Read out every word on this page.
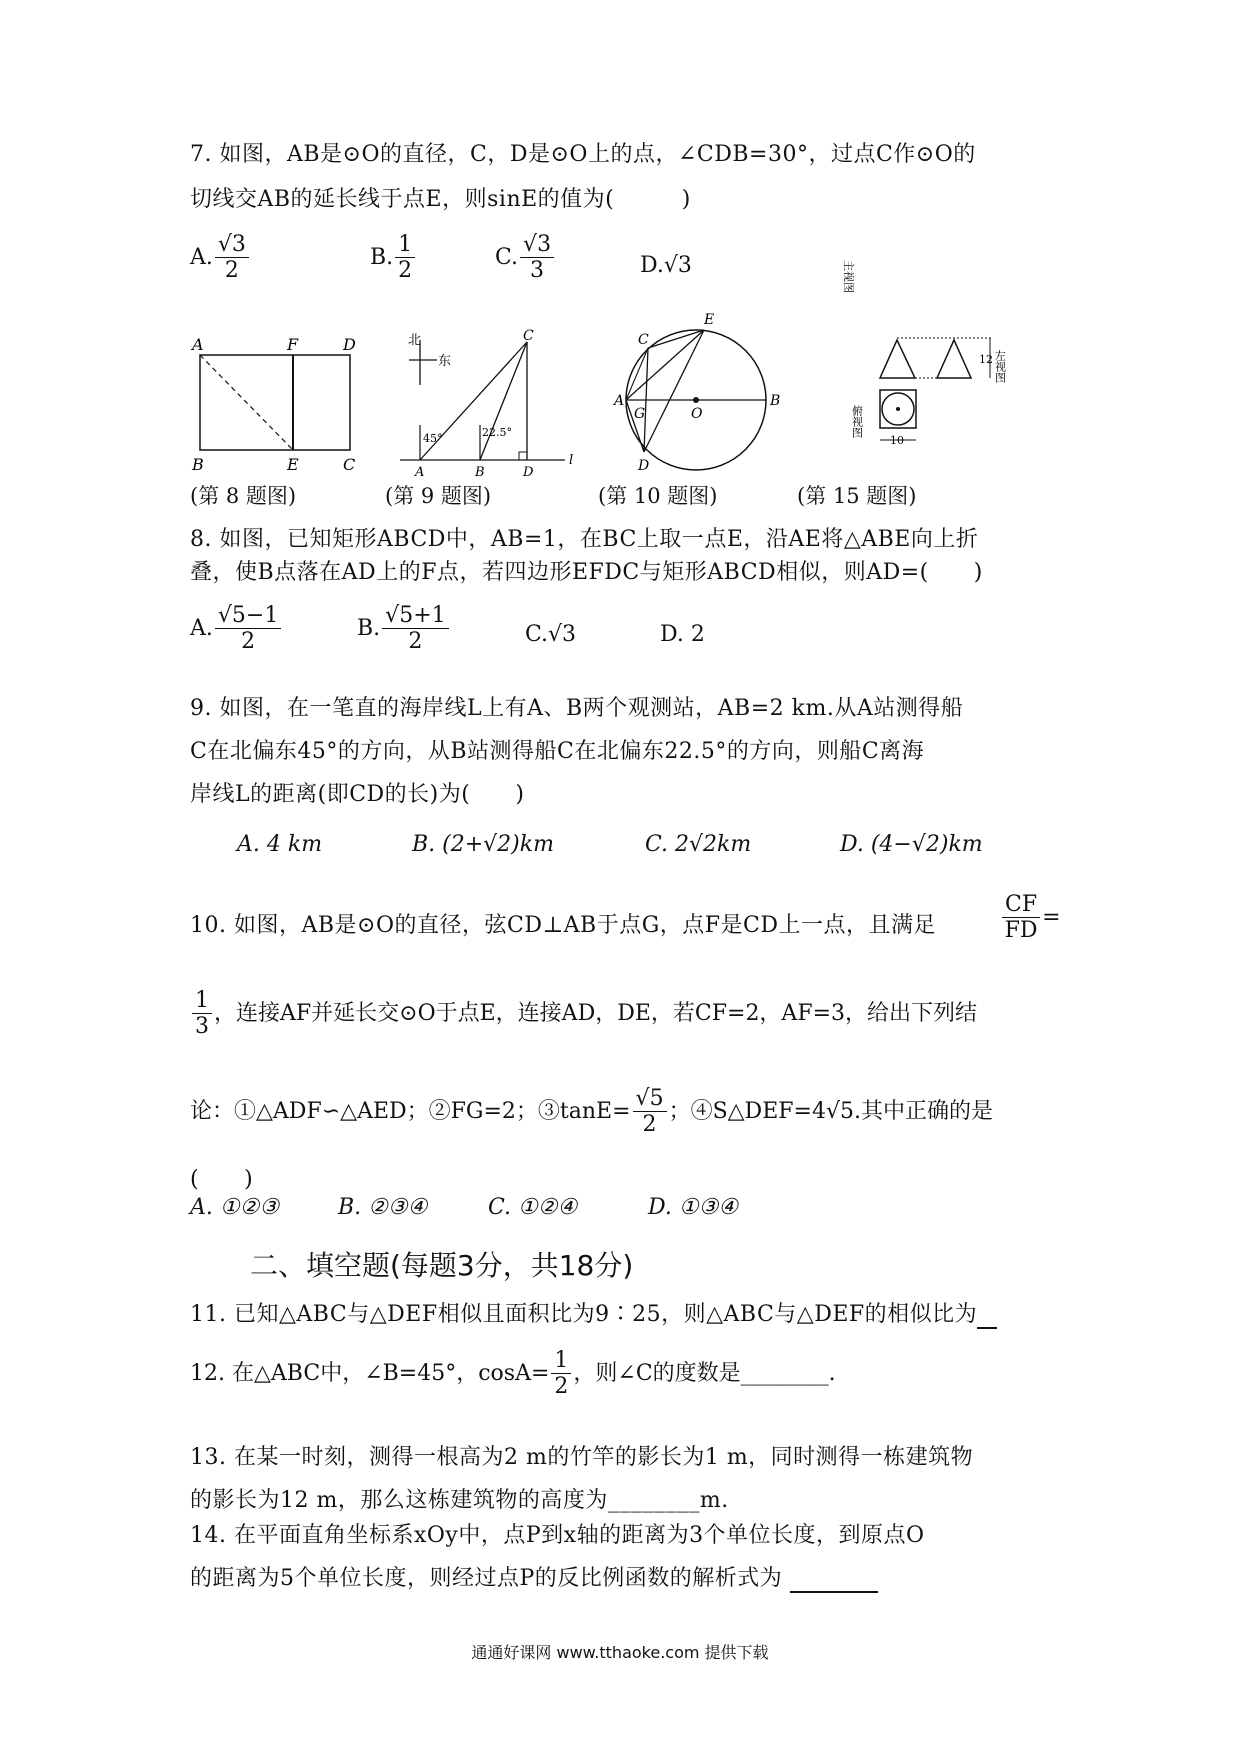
7. 如图，AB是⊙O的直径，C，D是⊙O上的点，∠CDB=30°，过点C作⊙O的
切线交AB的延长线于点E，则sinE的值为(　　　)
A. $\frac{√3}{2}$	B. $\frac{1}{2}$	C. $\frac{√3}{3}$	D.√3
A	F	D
B	E	C
北
东
45°	22.5°
C
A	B	D
l
C
E
A
G	O
B
D
主视图
12 左视图
俯视图
10
(第 8 题图)	(第 9 题图)	(第 10 题图)	(第 15 题图)
8. 如图，已知矩形ABCD中，AB=1，在BC上取一点E，沿AE将△ABE向上折
叠，使B点落在AD上的F点，若四边形EFDC与矩形ABCD相似，则AD=(　　)
A. $\frac{√5-1}{2}$	B. $\frac{√5+1}{2}$	C.√3	D. 2
9. 如图，在一笔直的海岸线L上有A、B两个观测站，AB=2 km.从A站测得船
C在北偏东45°的方向，从B站测得船C在北偏东22.5°的方向，则船C离海
岸线L的距离(即CD的长)为(　　)
A. 4 km	B. (2+√2)km	C. 2√2km	D. (4−√2)km
10. 如图，AB是⊙O的直径，弦CD⊥AB于点G，点F是CD上一点，且满足	$\frac{CF}{FD}$ =
$\frac{1}{3}$ ，连接AF并延长交⊙O于点E，连接AD，DE，若CF=2，AF=3，给出下列结
论：①△ADF∽△AED；②FG=2；③tanE= $\frac{√5}{2}$ ；④S△DEF=4√5.其中正确的是
(　　)
A. ①②③	B. ②③④	C. ①②④	D. ①③④
二、填空题(每题3分，共18分)
11. 已知△ABC与△DEF相似且面积比为9∶25，则△ABC与△DEF的相似比为
12. 在△ABC中，∠B=45°，$\cos A= \frac{1}{2}$ ，则∠C的度数是________.
13. 在某一时刻，测得一根高为2 m的竹竿的影长为1 m，同时测得一栋建筑物
的影长为12 m，那么这栋建筑物的高度为________m.
14. 在平面直角坐标系xOy中，点P到x轴的距离为3个单位长度，到原点O
的距离为5个单位长度，则经过点P的反比例函数的解析式为
通通好课网 www.tthaoke.com 提供下载
